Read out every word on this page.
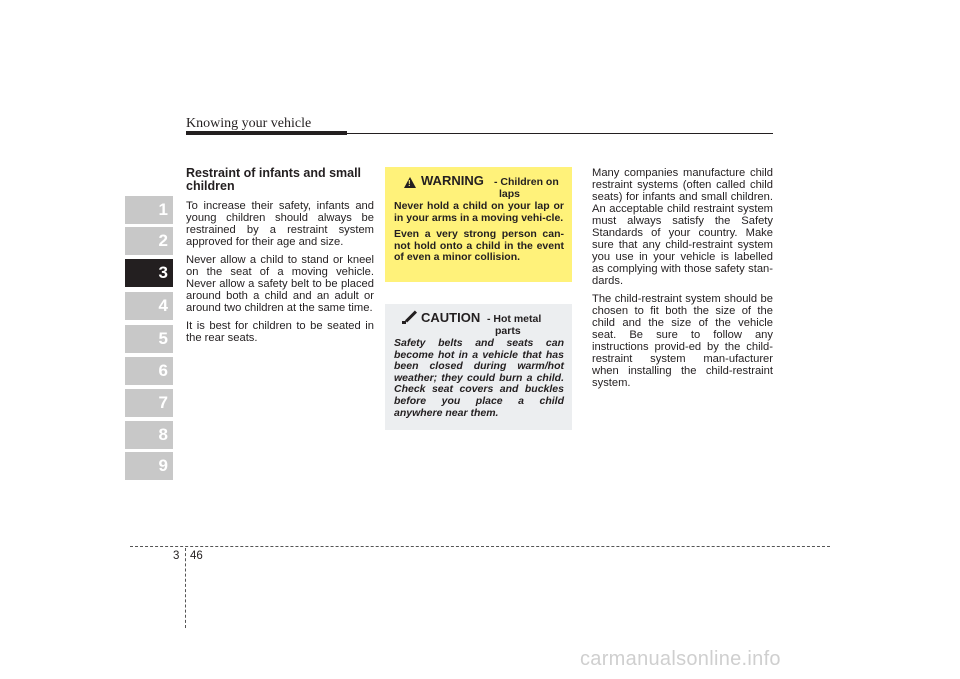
Knowing your vehicle
1
2
3
4
5
6
7
8
9
Restraint of infants and small children

To increase their safety, infants and young children should always be restrained by a restraint system approved for their age and size.

Never allow a child to stand or kneel on the seat of a moving vehicle. Never allow a safety belt to be placed around both a child and an adult or around two children at the same time.

It is best for children to be seated in the rear seats.

!
WARNING - Children on
laps

Never hold a child on your lap or in your arms in a moving vehi-cle.

Even a very strong person can-not hold onto a child in the event of even a minor collision.

CAUTION - Hot metal
parts

Safety belts and seats can become hot in a vehicle that has been closed during warm/hot weather; they could burn a child. Check seat covers and buckles before you place a child anywhere near them.

Many companies manufacture child restraint systems (often called child seats) for infants and small children. An acceptable child restraint system must always satisfy the Safety Standards of your country. Make sure that any child-restraint system you use in your vehicle is labelled as complying with those safety stan-dards.

The child-restraint system should be chosen to fit both the size of the child and the size of the vehicle seat. Be sure to follow any instructions provid-ed by the child-restraint system man-ufacturer when installing the child-restraint system.

3 46
carmanualsonline.info
